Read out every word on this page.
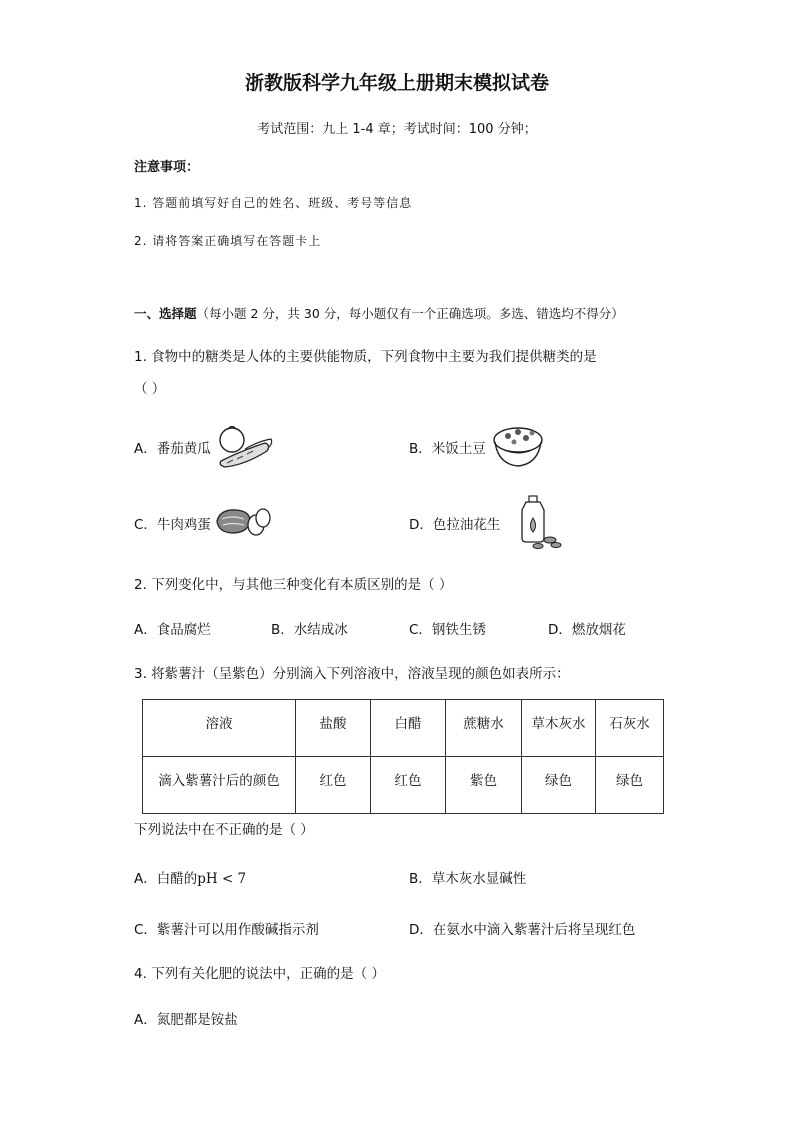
浙教版科学九年级上册期末模拟试卷
考试范围：九上 1-4 章；考试时间：100 分钟；
注意事项：
1. 答题前填写好自己的姓名、班级、考号等信息
2. 请将答案正确填写在答题卡上
一、选择题（每小题 2 分，共 30 分，每小题仅有一个正确选项。多选、错选均不得分）
1. 食物中的糖类是人体的主要供能物质，下列食物中主要为我们提供糖类的是
（ ）
A．番茄黄瓜	B．米饭土豆
C．牛肉鸡蛋	D．色拉油花生
2. 下列变化中，与其他三种变化有本质区别的是（ ）
A．食品腐烂	B．水结成冰	C．钢铁生锈	D．燃放烟花
3. 将紫薯汁（呈紫色）分别滴入下列溶液中，溶液呈现的颜色如表所示：
溶液	盐酸	白醋	蔗糖水	草木灰水	石灰水
滴入紫薯汁后的颜色	红色	红色	紫色	绿色	绿色
下列说法中在不正确的是（ ）
A．白醋的pH < 7	B．草木灰水显碱性
C．紫薯汁可以用作酸碱指示剂	D．在氨水中滴入紫薯汁后将呈现红色
4. 下列有关化肥的说法中，正确的是（ ）
A．氮肥都是铵盐
